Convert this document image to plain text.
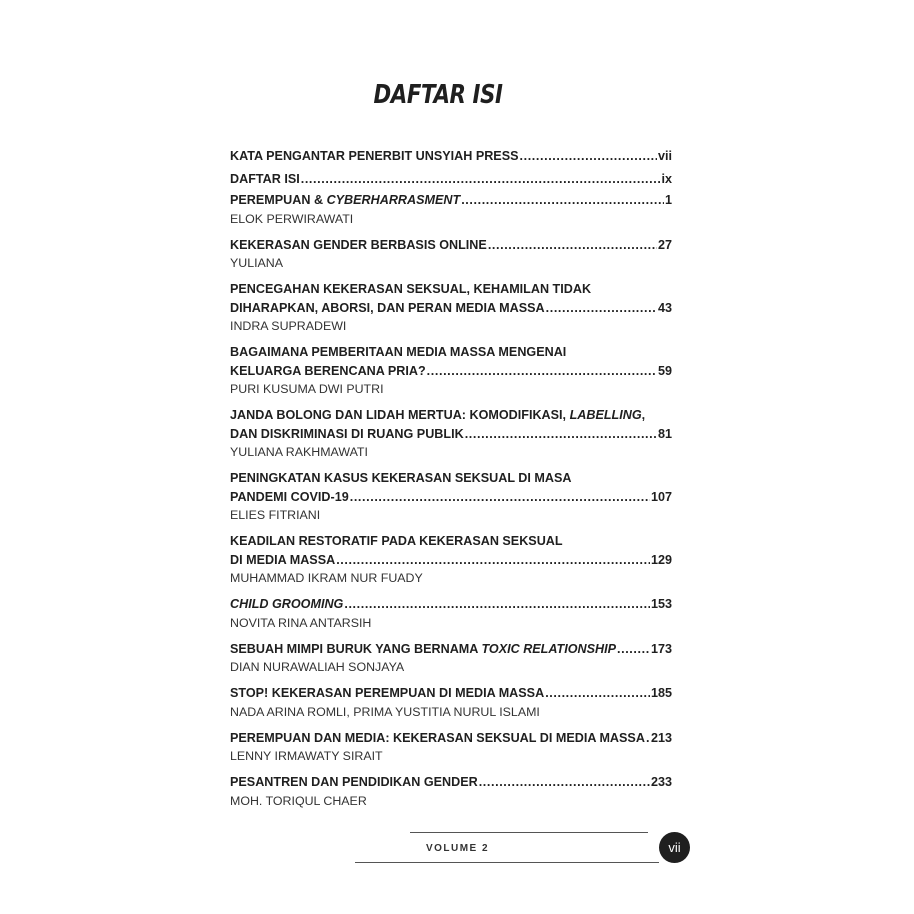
DAFTAR ISI
KATA PENGANTAR PENERBIT UNSYIAH PRESS .....	vii
DAFTAR ISI .....	ix
PEREMPUAN & CYBERHARRASMENT .....	1
ELOK PERWIRAWATI
KEKERASAN GENDER BERBASIS ONLINE .....	27
YULIANA
PENCEGAHAN KEKERASAN SEKSUAL, KEHAMILAN TIDAK
DIHARAPKAN, ABORSI, DAN PERAN MEDIA MASSA .....	43
INDRA SUPRADEWI
BAGAIMANA PEMBERITAAN MEDIA MASSA MENGENAI
KELUARGA BERENCANA PRIA? .....	59
PURI KUSUMA DWI PUTRI
JANDA BOLONG DAN LIDAH MERTUA: KOMODIFIKASI, LABELLING,
DAN DISKRIMINASI DI RUANG PUBLIK .....	81
YULIANA RAKHMAWATI
PENINGKATAN KASUS KEKERASAN SEKSUAL DI MASA
PANDEMI COVID-19 .....	107
ELIES FITRIANI
KEADILAN RESTORATIF PADA KEKERASAN SEKSUAL
DI MEDIA MASSA .....	129
MUHAMMAD IKRAM NUR FUADY
CHILD GROOMING .....	153
NOVITA RINA ANTARSIH
SEBUAH MIMPI BURUK YANG BERNAMA TOXIC RELATIONSHIP .....	173
DIAN NURAWALIAH SONJAYA
STOP! KEKERASAN PEREMPUAN DI MEDIA MASSA .....	185
NADA ARINA ROMLI, PRIMA YUSTITIA NURUL ISLAMI
PEREMPUAN DAN MEDIA: KEKERASAN SEKSUAL DI MEDIA MASSA ..... 213
LENNY IRMAWATY SIRAIT
PESANTREN DAN PENDIDIKAN GENDER .....	233
MOH. TORIQUL CHAER
VOLUME 2	vii
